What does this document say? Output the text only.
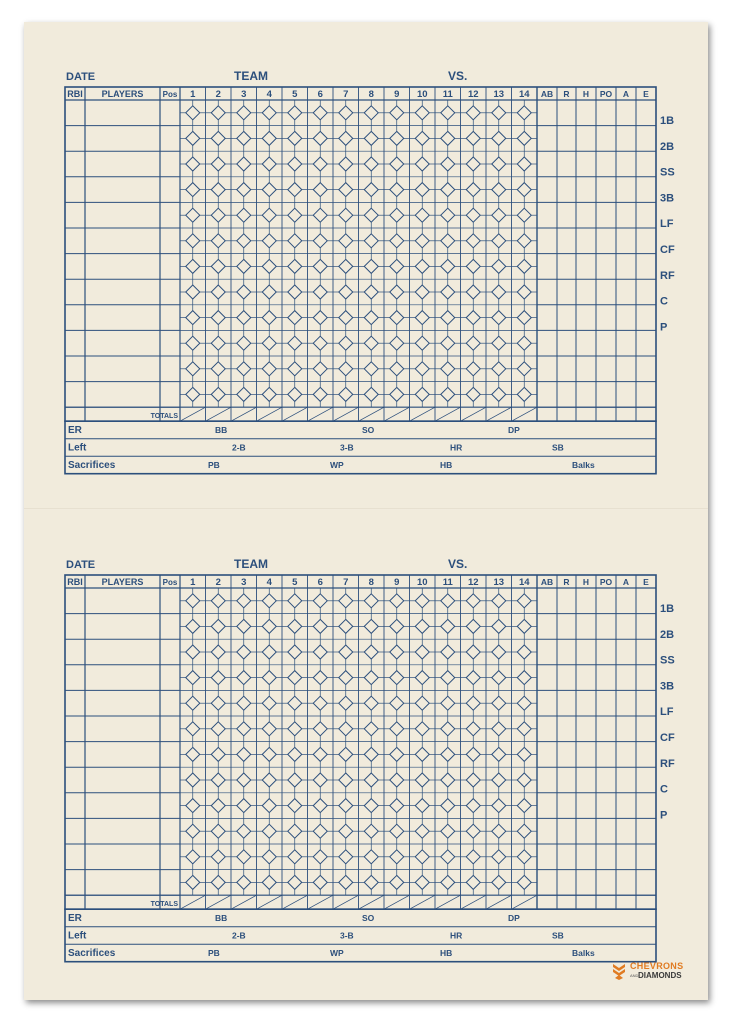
DATE	TEAM	VS.
RBI PLAYERS Pos 1 2 3 4 5 6 7 8 9 10 11 12 13 14 AB R H PO A E
TOTALS
ER	BB	SO	DP
Left	2-B	3-B	HR	SB
Sacrifices	PB	WP	HB	Balks
1B
2B
SS
3B
LF
CF
RF
C
P
DATE	TEAM	VS.
RBI PLAYERS Pos 1 2 3 4 5 6 7 8 9 10 11 12 13 14 AB R H PO A E
TOTALS
ER	BB	SO	DP
Left	2-B	3-B	HR	SB
Sacrifices	PB	WP	HB	Balks
1B
2B
SS
3B
LF
CF
RF
C
P
CHEVRONS
AND DIAMONDS
